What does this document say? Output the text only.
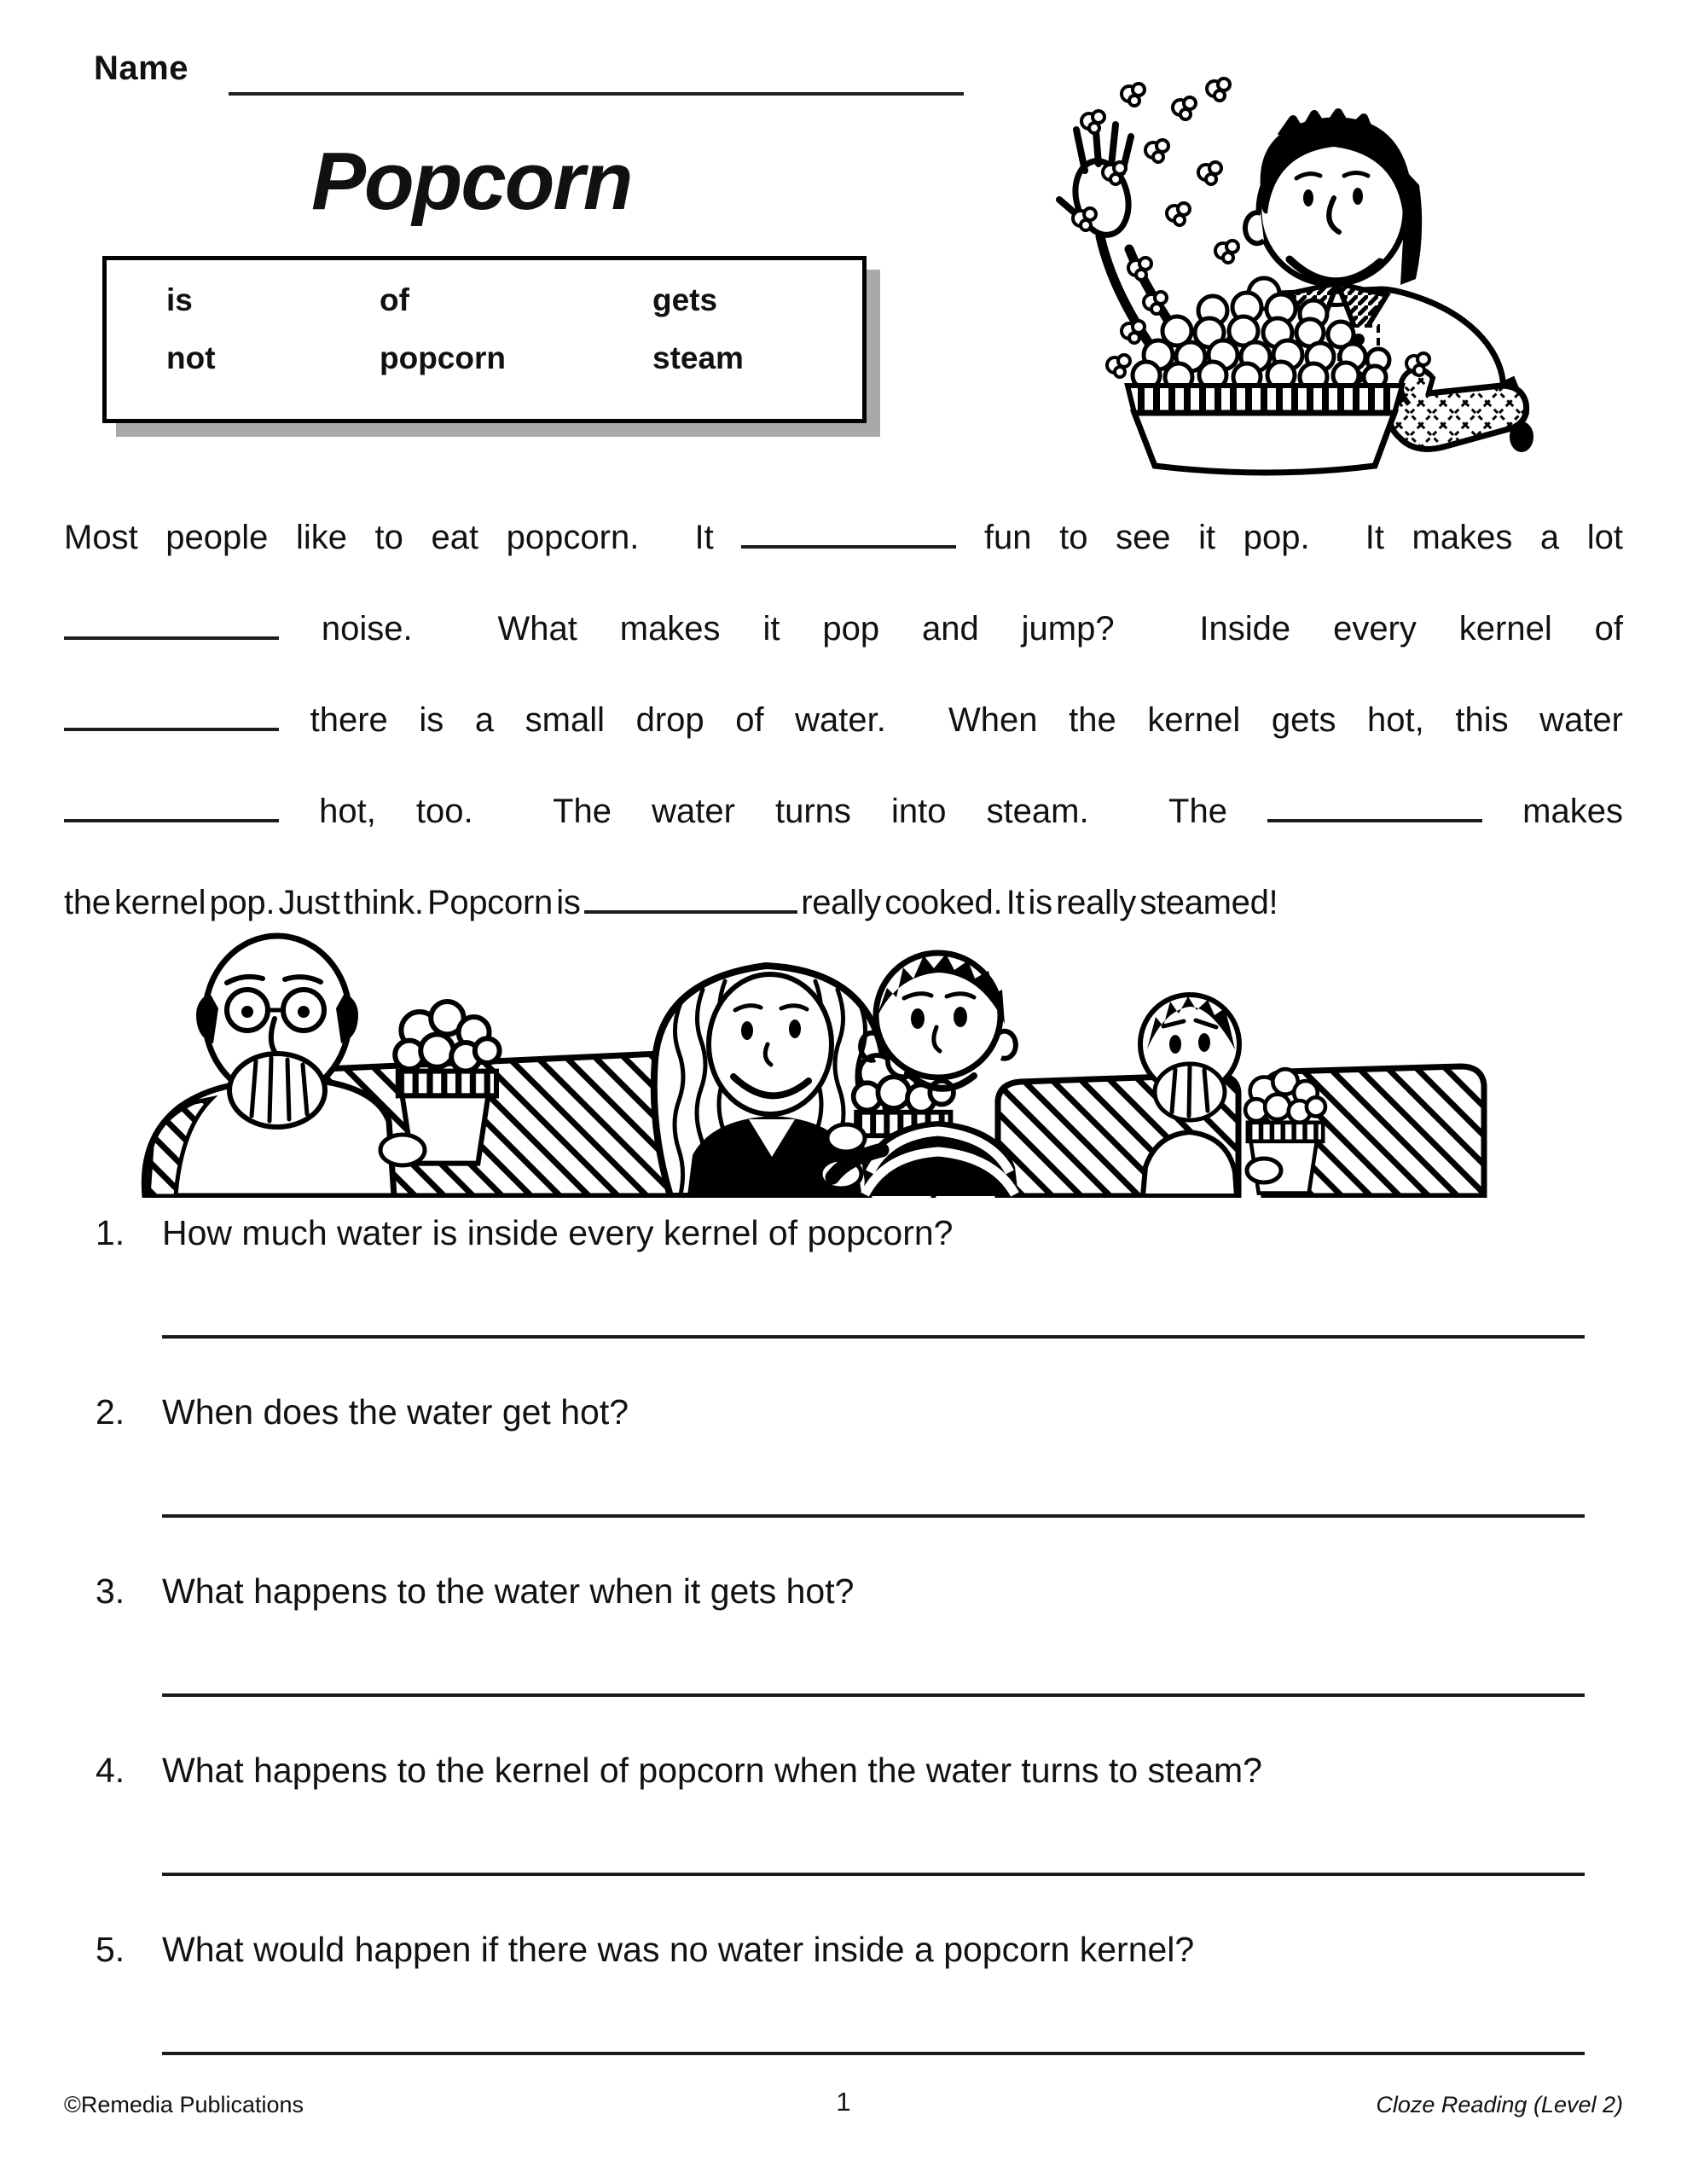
Name
Popcorn
is	of	gets
not	popcorn	steam
Most people like to eat popcorn.  It	fun to see it pop.  It makes a lot
noise.  What makes it pop and jump?  Inside every kernel of
there is a small drop of water.  When the kernel gets hot, this water
hot, too.  The water turns into steam.  The	makes
the kernel pop. Just think. Popcorn is	really cooked. It is really steamed!
1. How much water is inside every kernel of popcorn?
2. When does the water get hot?
3. What happens to the water when it gets hot?
4. What happens to the kernel of popcorn when the water turns to steam?
5. What would happen if there was no water inside a popcorn kernel?
©Remedia Publications	1	Cloze Reading (Level 2)
